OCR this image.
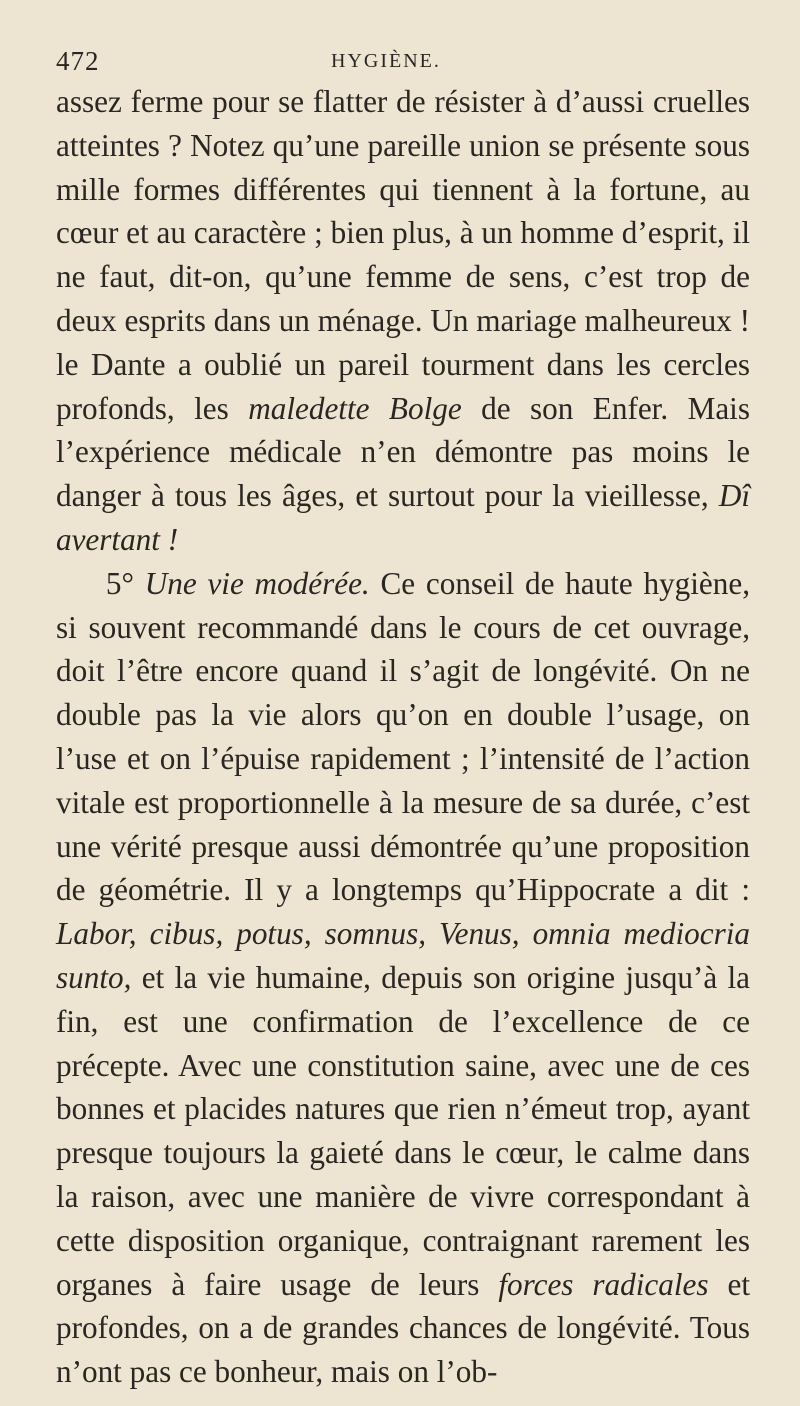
472	HYGIÈNE.

assez ferme pour se flatter de résister à d’aussi cruelles atteintes ? Notez qu’une pareille union se présente sous mille formes différentes qui tiennent à la fortune, au cœur et au caractère ; bien plus, à un homme d’esprit, il ne faut, dit-on, qu’une femme de sens, c’est trop de deux esprits dans un ménage. Un mariage malheureux ! le Dante a oublié un pareil tourment dans les cercles profonds, les maledette Bolge de son Enfer. Mais l’expérience médicale n’en démontre pas moins le danger à tous les âges, et surtout pour la vieillesse, Dî avertant !

5° Une vie modérée. Ce conseil de haute hygiène, si souvent recommandé dans le cours de cet ouvrage, doit l’être encore quand il s’agit de longévité. On ne double pas la vie alors qu’on en double l’usage, on l’use et on l’épuise rapidement ; l’intensité de l’action vitale est proportionnelle à la mesure de sa durée, c’est une vérité presque aussi démontrée qu’une proposition de géométrie. Il y a longtemps qu’Hippocrate a dit : Labor, cibus, potus, somnus, Venus, omnia mediocria sunto, et la vie humaine, depuis son origine jusqu’à la fin, est une confirmation de l’excellence de ce précepte. Avec une constitution saine, avec une de ces bonnes et placides natures que rien n’émeut trop, ayant presque toujours la gaieté dans le cœur, le calme dans la raison, avec une manière de vivre correspondant à cette disposition organique, contraignant rarement les organes à faire usage de leurs forces radicales et profondes, on a de grandes chances de longévité. Tous n’ont pas ce bonheur, mais on l’ob-
